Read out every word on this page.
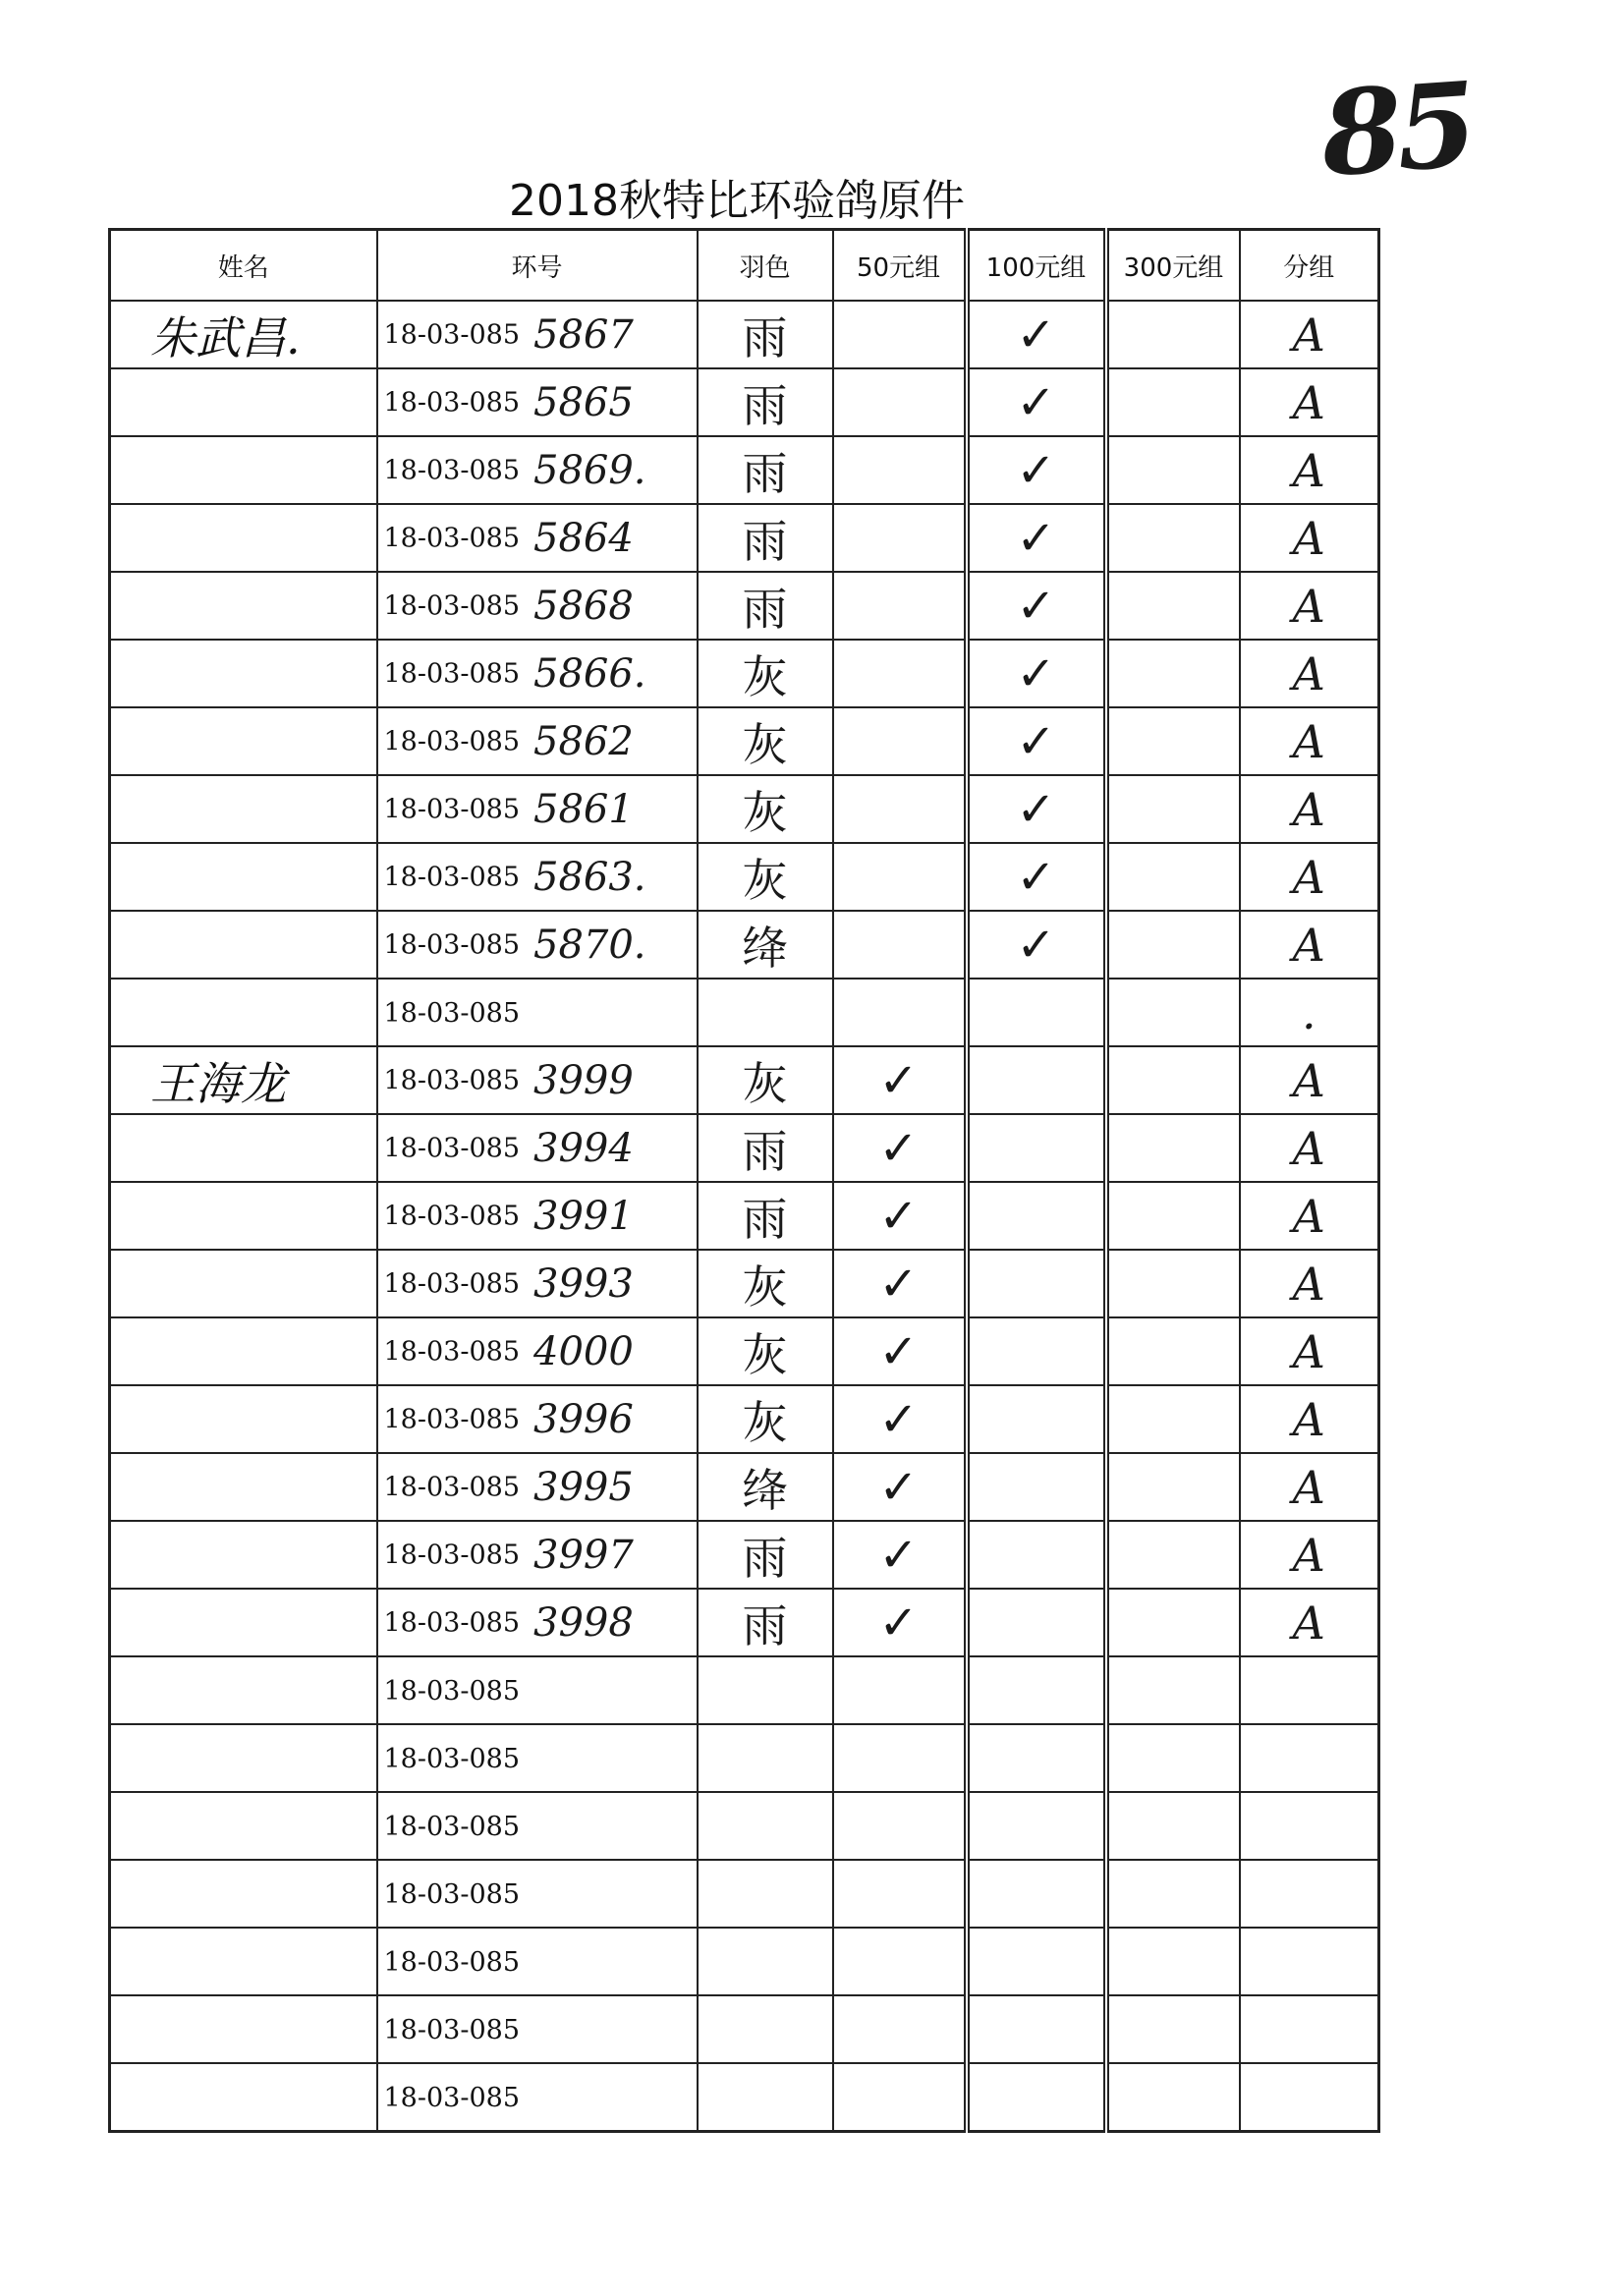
85
2018秋特比环验鸽原件
姓名	环号	羽色	50元组	100元组	300元组	分组
朱武昌.	18-03-085 5867	雨		✓		A
	18-03-085 5865	雨		✓		A
	18-03-085 5869.	雨		✓		A
	18-03-085 5864	雨		✓		A
	18-03-085 5868	雨		✓		A
	18-03-085 5866.	灰		✓		A
	18-03-085 5862	灰		✓		A
	18-03-085 5861	灰		✓		A
	18-03-085 5863.	灰		✓		A
	18-03-085 5870.	绛		✓		A
	18-03-085					.
王海龙	18-03-085 3999	灰	✓			A
	18-03-085 3994	雨	✓			A
	18-03-085 3991	雨	✓			A
	18-03-085 3993	灰	✓			A
	18-03-085 4000	灰	✓			A
	18-03-085 3996	灰	✓			A
	18-03-085 3995	绛	✓			A
	18-03-085 3997	雨	✓			A
	18-03-085 3998	雨	✓			A
	18-03-085					
	18-03-085					
	18-03-085					
	18-03-085					
	18-03-085					
	18-03-085					
	18-03-085					
